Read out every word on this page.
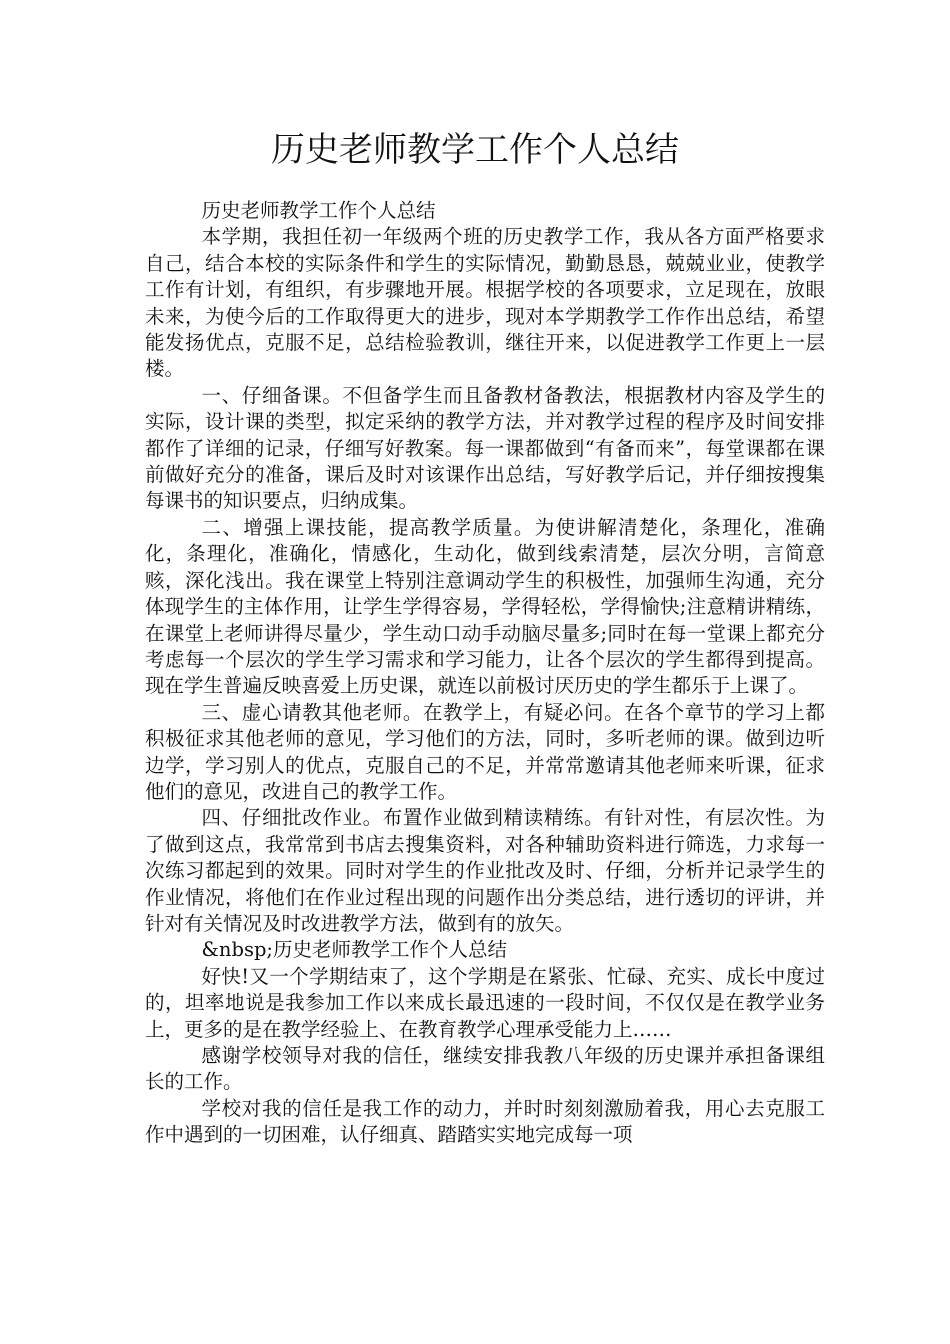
历史老师教学工作个人总结

历史老师教学工作个人总结

本学期，我担任初一年级两个班的历史教学工作，我从各方面严格要求自己，结合本校的实际条件和学生的实际情况，勤勤恳恳，兢兢业业，使教学工作有计划，有组织，有步骤地开展。根据学校的各项要求，立足现在，放眼未来，为使今后的工作取得更大的进步，现对本学期教学工作作出总结，希望能发扬优点，克服不足，总结检验教训，继往开来，以促进教学工作更上一层楼。

一、仔细备课。不但备学生而且备教材备教法，根据教材内容及学生的实际，设计课的类型，拟定采纳的教学方法，并对教学过程的程序及时间安排都作了详细的记录，仔细写好教案。每一课都做到“有备而来”，每堂课都在课前做好充分的准备，课后及时对该课作出总结，写好教学后记，并仔细按搜集每课书的知识要点，归纳成集。

二、增强上课技能，提高教学质量。为使讲解清楚化，条理化，准确化，条理化，准确化，情感化，生动化，做到线索清楚，层次分明，言简意赅，深化浅出。我在课堂上特别注意调动学生的积极性，加强师生沟通，充分体现学生的主体作用，让学生学得容易，学得轻松，学得愉快;注意精讲精练，在课堂上老师讲得尽量少，学生动口动手动脑尽量多;同时在每一堂课上都充分考虑每一个层次的学生学习需求和学习能力，让各个层次的学生都得到提高。现在学生普遍反映喜爱上历史课，就连以前极讨厌历史的学生都乐于上课了。

三、虚心请教其他老师。在教学上，有疑必问。在各个章节的学习上都积极征求其他老师的意见，学习他们的方法，同时，多听老师的课。做到边听边学，学习别人的优点，克服自己的不足，并常常邀请其他老师来听课，征求他们的意见，改进自己的教学工作。

四、仔细批改作业。布置作业做到精读精练。有针对性，有层次性。为了做到这点，我常常到书店去搜集资料，对各种辅助资料进行筛选，力求每一次练习都起到的效果。同时对学生的作业批改及时、仔细，分析并记录学生的作业情况，将他们在作业过程出现的问题作出分类总结，进行透切的评讲，并针对有关情况及时改进教学方法，做到有的放矢。

&nbsp;历史老师教学工作个人总结

好快!又一个学期结束了，这个学期是在紧张、忙碌、充实、成长中度过的，坦率地说是我参加工作以来成长最迅速的一段时间，不仅仅是在教学业务上，更多的是在教学经验上、在教育教学心理承受能力上……

感谢学校领导对我的信任，继续安排我教八年级的历史课并承担备课组长的工作。

学校对我的信任是我工作的动力，并时时刻刻激励着我，用心去克服工作中遇到的一切困难，认仔细真、踏踏实实地完成每一项
